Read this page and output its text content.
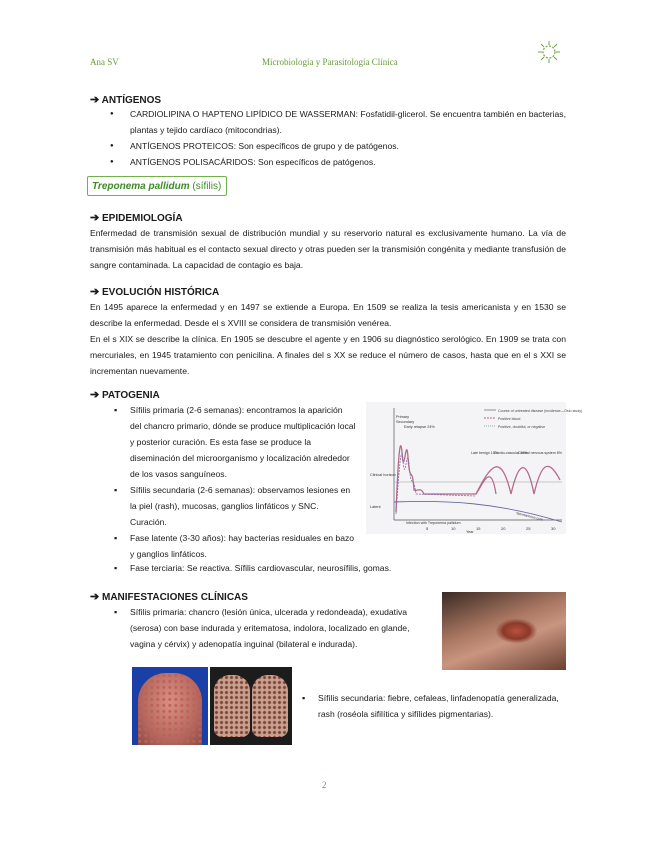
Ana SV	Microbiología y Parasitología Clínica
➔ ANTÍGENOS
● CARDIOLIPINA O HAPTENO LIPÍDICO DE WASSERMAN: Fosfatidil-glicerol. Se encuentra también en bacterias, plantas y tejido cardíaco (mitocondrias).
● ANTÍGENOS PROTEICOS: Son específicos de grupo y de patógenos.
● ANTÍGENOS POLISACÁRIDOS: Son específicos de patógenos.
Treponema pallidum (sífilis)
➔ EPIDEMIOLOGÍA
Enfermedad de transmisión sexual de distribución mundial y su reservorio natural es exclusivamente humano. La vía de transmisión más habitual es el contacto sexual directo y otras pueden ser la transmisión congénita y mediante transfusión de sangre contaminada. La capacidad de contagio es baja.
➔ EVOLUCIÓN HISTÓRICA
En 1495 aparece la enfermedad y en 1497 se extiende a Europa. En 1509 se realiza la tesis americanista y en 1530 se describe la enfermedad. Desde el s XVIII se considera de transmisión venérea.
En el s XIX se describe la clínica. En 1905 se descubre el agente y en 1906 su diagnóstico serológico. En 1909 se trata con mercuriales, en 1945 tratamiento con penicilina. A finales del s XX se reduce el número de casos, hasta que en el s XXI se incrementan nuevamente.
➔ PATOGENIA
▪ Sífilis primaria (2-6 semanas): encontramos la aparición del chancro primario, dónde se produce multiplicación local y posterior curación. Es esta fase se produce la diseminación del microorganismo y localización alrededor de los vasos sanguíneos.
▪ Sífilis secundaria (2-6 semanas): observamos lesiones en la piel (rash), mucosas, ganglios linfáticos y SNC. Curación.
▪ Fase latente (3-30 años): hay bacterias residuales en bazo y ganglios linfáticos.
▪ Fase terciaria: Se reactiva. Sífilis cardiovascular, neurosífilis, gomas.
Course of untreated disease (incidence—Oslo study)
Positive blood
Positive, doubtful, or negative
Primary
Secondary
Early relapse 24%
Clinical horizon
Latent
Infection with Treponema pallidum
Late benign 15%
Cardio-vascular 10%
Central nervous system 8%
Spontaneous cure
5	10	15	20	25	30
Year
➔ MANIFESTACIONES CLÍNICAS
▪ Sífilis primaria: chancro (lesión única, ulcerada y redondeada), exudativa (serosa) con base indurada y eritematosa, indolora, localizado en glande, vagina y cérvix) y adenopatía inguinal (bilateral e indurada).
▪ Sífilis secundaria: fiebre, cefaleas, linfadenopatía generalizada, rash (roséola sifilítica y sifílides pigmentarias).
2
